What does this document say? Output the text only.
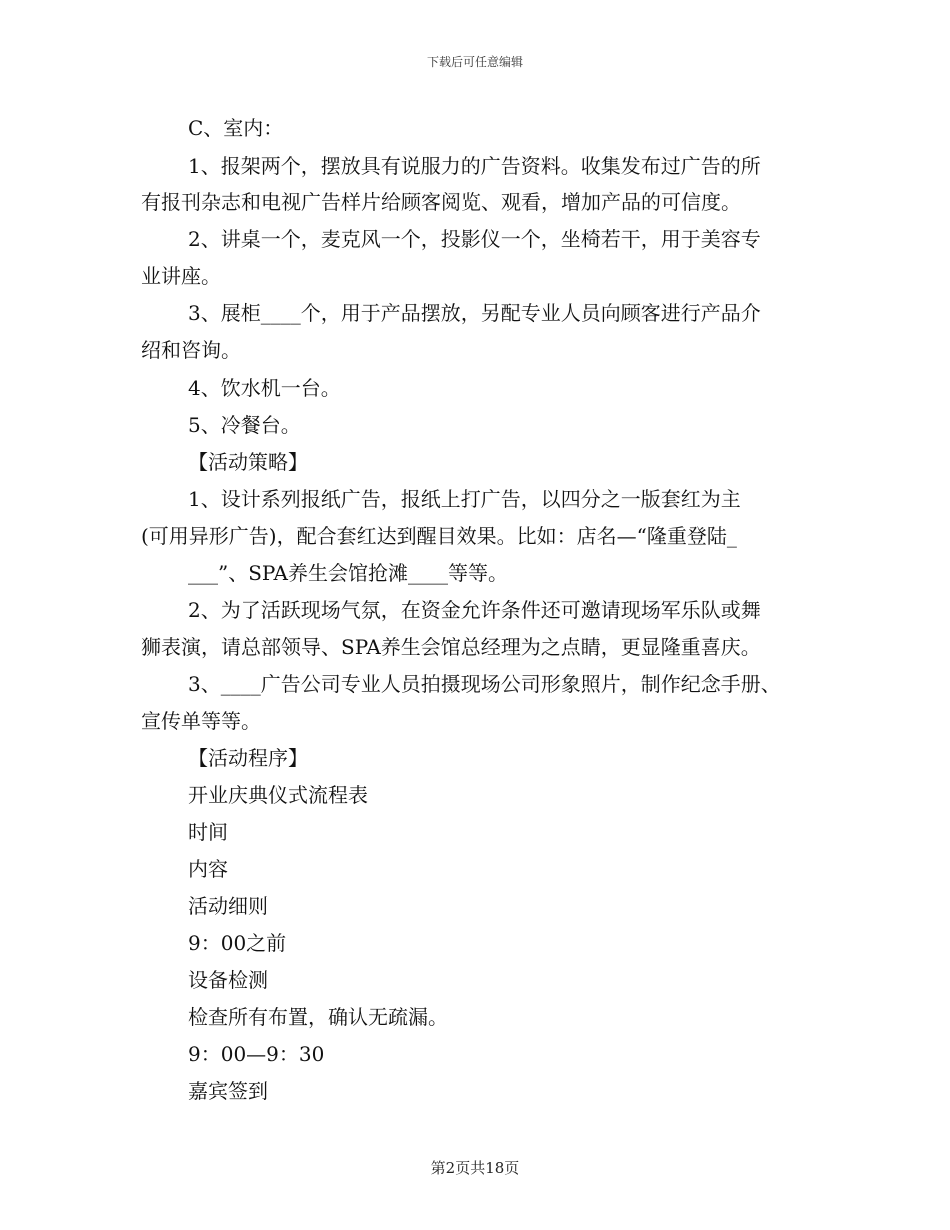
下载后可任意编辑
C、室内：
1、报架两个，摆放具有说服力的广告资料。收集发布过广告的所
有报刊杂志和电视广告样片给顾客阅览、观看，增加产品的可信度。
2、讲桌一个，麦克风一个，投影仪一个，坐椅若干，用于美容专
业讲座。
3、展柜____个，用于产品摆放，另配专业人员向顾客进行产品介
绍和咨询。
4、饮水机一台。
5、冷餐台。
【活动策略】
1、设计系列报纸广告，报纸上打广告，以四分之一版套红为主
(可用异形广告)，配合套红达到醒目效果。比如：店名—“隆重登陆_
___”、SPA养生会馆抢滩____等等。
2、为了活跃现场气氛，在资金允许条件还可邀请现场军乐队或舞
狮表演，请总部领导、SPA养生会馆总经理为之点睛，更显隆重喜庆。
3、____广告公司专业人员拍摄现场公司形象照片，制作纪念手册、
宣传单等等。
【活动程序】
开业庆典仪式流程表
时间
内容
活动细则
9：00之前
设备检测
检查所有布置，确认无疏漏。
9：00—9：30
嘉宾签到
第2页共18页
